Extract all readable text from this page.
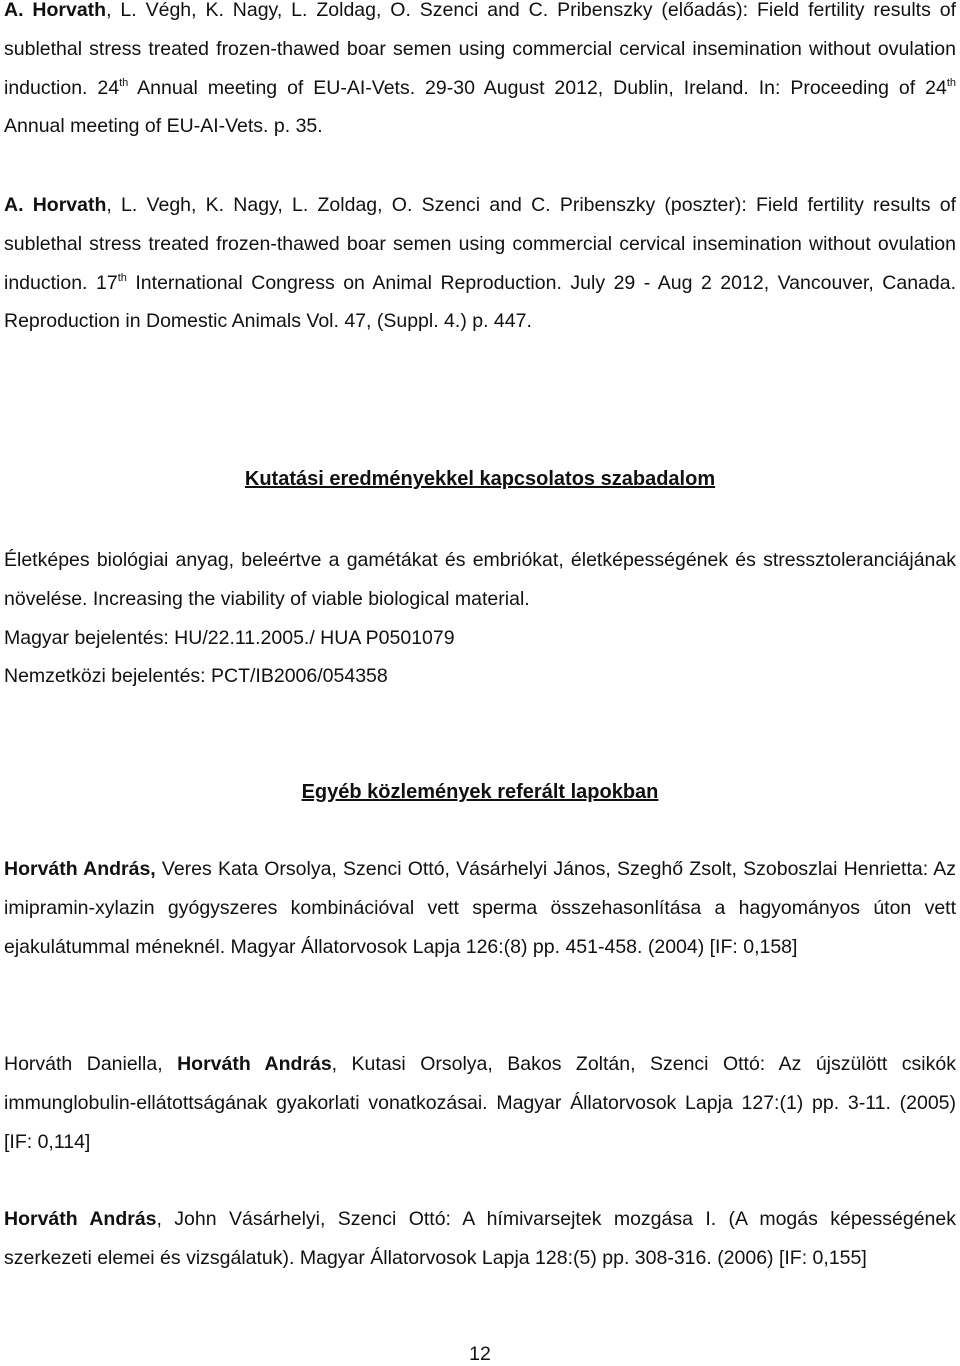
A. Horvath, L. Végh, K. Nagy, L. Zoldag, O. Szenci and C. Pribenszky (előadás): Field fertility results of sublethal stress treated frozen-thawed boar semen using commercial cervical insemination without ovulation induction. 24th Annual meeting of EU-AI-Vets. 29-30 August 2012, Dublin, Ireland. In: Proceeding of 24th Annual meeting of EU-AI-Vets. p. 35.
A. Horvath, L. Vegh, K. Nagy, L. Zoldag, O. Szenci and C. Pribenszky (poszter): Field fertility results of sublethal stress treated frozen-thawed boar semen using commercial cervical insemination without ovulation induction. 17th International Congress on Animal Reproduction. July 29 - Aug 2 2012, Vancouver, Canada. Reproduction in Domestic Animals Vol. 47, (Suppl. 4.) p. 447.
Kutatási eredményekkel kapcsolatos szabadalom
Életképes biológiai anyag, beleértve a gamétákat és embriókat, életképességének és stressztoleranciájának növelése. Increasing the viability of viable biological material.
Magyar bejelentés: HU/22.11.2005./ HUA P0501079
Nemzetközi bejelentés: PCT/IB2006/054358
Egyéb közlemények referált lapokban
Horváth András, Veres Kata Orsolya, Szenci Ottó, Vásárhelyi János, Szeghő Zsolt, Szoboszlai Henrietta: Az imipramin-xylazin gyógyszeres kombinációval vett sperma összehasonlítása a hagyományos úton vett ejakulátummal méneknél. Magyar Állatorvosok Lapja 126:(8) pp. 451-458. (2004) [IF: 0,158]
Horváth Daniella, Horváth András, Kutasi Orsolya, Bakos Zoltán, Szenci Ottó: Az újszülött csikók immunglobulin-ellátottságának gyakorlati vonatkozásai. Magyar Állatorvosok Lapja 127:(1) pp. 3-11. (2005) [IF: 0,114]
Horváth András, John Vásárhelyi, Szenci Ottó: A hímivarsejtek mozgása I. (A mogás képességének szerkezeti elemei és vizsgálatuk). Magyar Állatorvosok Lapja 128:(5) pp. 308-316. (2006) [IF: 0,155]
12
